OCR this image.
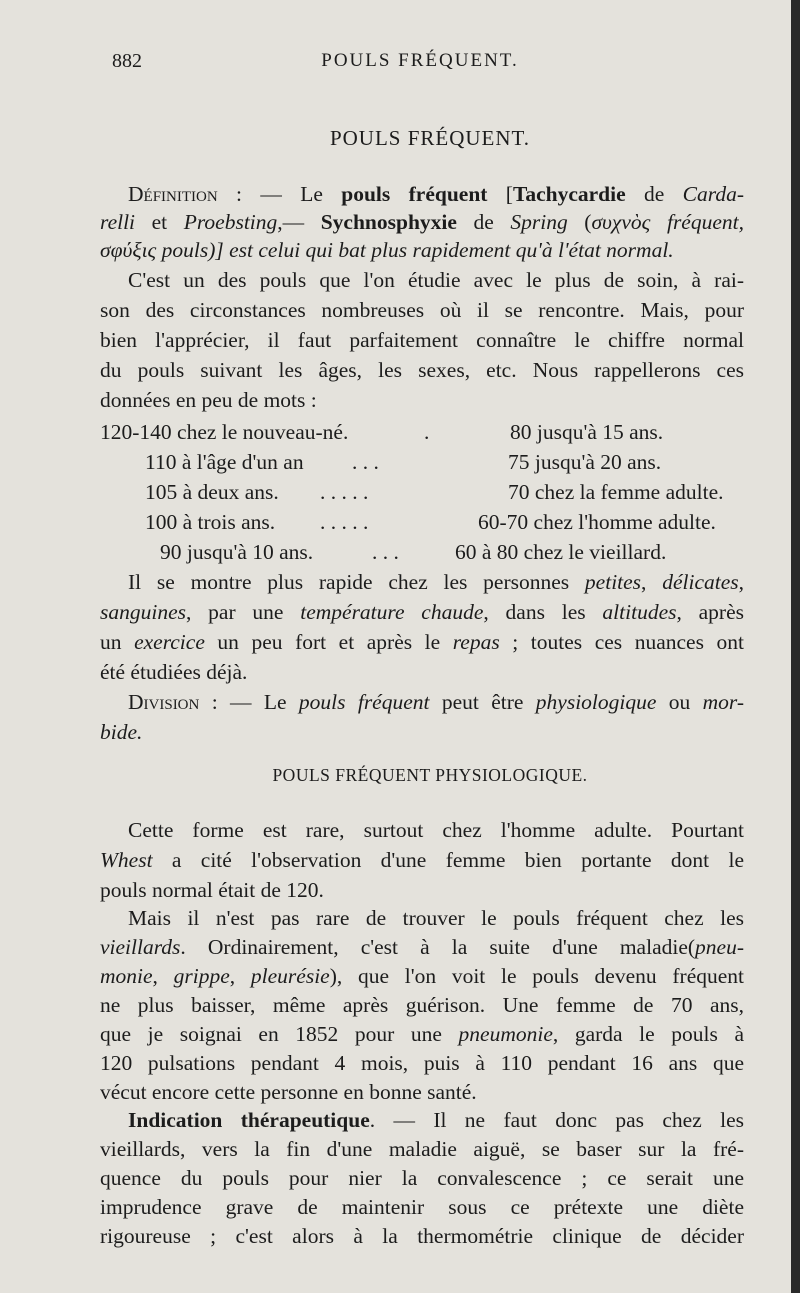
882	POULS FRÉQUENT.
POULS FRÉQUENT.
Définition : — Le pouls fréquent [Tachycardie de Carda-
relli et Proebsting,— Sychnosphyxie de Spring (συχνὸς fréquent,
σφύξις pouls)] est celui qui bat plus rapidement qu'à l'état normal.
C'est un des pouls que l'on étudie avec le plus de soin, à rai-
son des circonstances nombreuses où il se rencontre. Mais, pour
bien l'apprécier, il faut parfaitement connaître le chiffre normal
du pouls suivant les âges, les sexes, etc. Nous rappellerons ces
données en peu de mots :
120-140 chez le nouveau-né.	.	80 jusqu'à 15 ans.
110 à l'âge d'un an . . .	75 jusqu'à 20 ans.
105 à deux ans. . . . . .	70 chez la femme adulte.
100 à trois ans. . . . . .	60-70 chez l'homme adulte.
90 jusqu'à 10 ans.	. . .	60 à 80 chez le vieillard.
Il se montre plus rapide chez les personnes petites, délicates,
sanguines, par une température chaude, dans les altitudes, après
un exercice un peu fort et après le repas ; toutes ces nuances ont
été étudiées déjà.
Division : — Le pouls fréquent peut être physiologique ou mor-
bide.
POULS FRÉQUENT PHYSIOLOGIQUE.
Cette forme est rare, surtout chez l'homme adulte. Pourtant
Whest a cité l'observation d'une femme bien portante dont le
pouls normal était de 120.
Mais il n'est pas rare de trouver le pouls fréquent chez les
vieillards. Ordinairement, c'est à la suite d'une maladie(pneu-
monie, grippe, pleurésie), que l'on voit le pouls devenu fréquent
ne plus baisser, même après guérison. Une femme de 70 ans,
que je soignai en 1852 pour une pneumonie, garda le pouls à
120 pulsations pendant 4 mois, puis à 110 pendant 16 ans que
vécut encore cette personne en bonne santé.
Indication thérapeutique. — Il ne faut donc pas chez les
vieillards, vers la fin d'une maladie aiguë, se baser sur la fré-
quence du pouls pour nier la convalescence ; ce serait une
imprudence grave de maintenir sous ce prétexte une diète
rigoureuse ; c'est alors à la thermométrie clinique de décider
